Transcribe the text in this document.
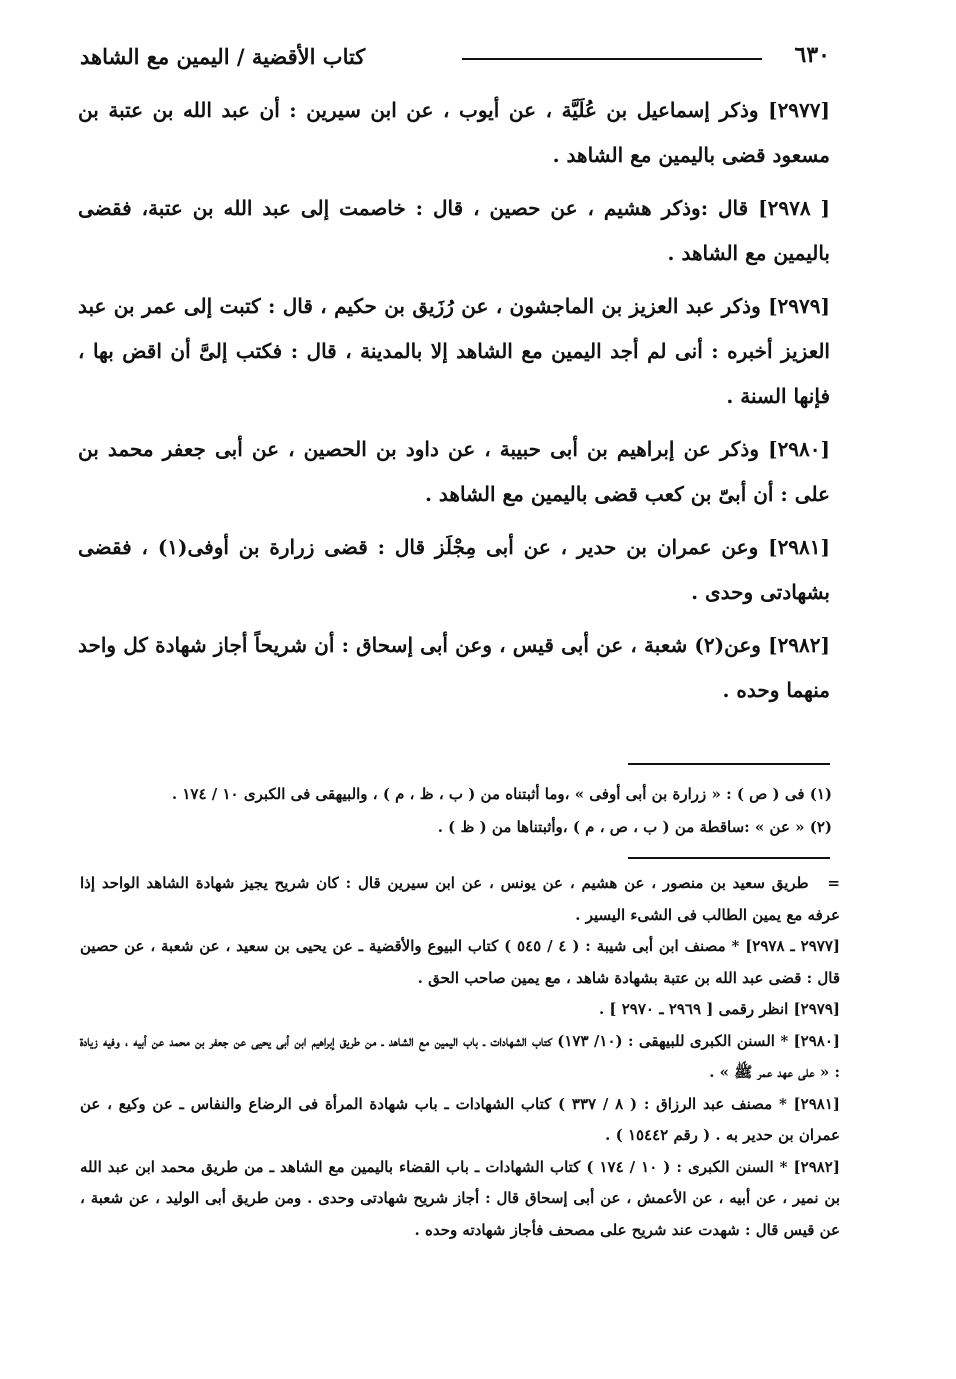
٦٣٠
كتاب الأقضية / اليمين مع الشاهد

[٢٩٧٧] وذكر إسماعيل بن عُلَيَّة ، عن أيوب ، عن ابن سيرين : أن عبد الله بن عتبة بن مسعود قضى باليمين مع الشاهد .

[ ٢٩٧٨] قال :وذكر هشيم ، عن حصين ، قال : خاصمت إلى عبد الله بن عتبة، فقضى باليمين مع الشاهد .

[٢٩٧٩] وذكر عبد العزيز بن الماجشون ، عن رُزَيق بن حكيم ، قال : كتبت إلى عمر بن عبد العزيز أخبره : أنى لم أجد اليمين مع الشاهد إلا بالمدينة ، قال : فكتب إلىَّ أن اقض بها ، فإنها السنة .

[٢٩٨٠] وذكر عن إبراهيم بن أبى حبيبة ، عن داود بن الحصين ، عن أبى جعفر محمد بن على : أن أبىّ بن كعب قضى باليمين مع الشاهد .

[٢٩٨١] وعن عمران بن حدير ، عن أبى مِجْلَز قال : قضى زرارة بن أوفى(١) ، فقضى بشهادتى وحدى .

[٢٩٨٢] وعن(٢) شعبة ، عن أبى قيس ، وعن أبى إسحاق : أن شريحاً أجاز شهادة كل واحد منهما وحده .

(١) فى ( ص ) : « زرارة بن أبى أوفى » ،وما أثبتناه من ( ب ، ظ ، م ) ، والبيهقى فى الكبرى ١٠ / ١٧٤ .
(٢) « عن » :ساقطة من ( ب ، ص ، م ) ،وأثبتناها من ( ظ ) .

= طريق سعيد بن منصور ، عن هشيم ، عن يونس ، عن ابن سيرين قال : كان شريح يجيز شهادة الشاهد الواحد إذا عرفه مع يمين الطالب فى الشىء اليسير .

[٢٩٧٧ ـ ٢٩٧٨] * مصنف ابن أبى شيبة : ( ٤ / ٥٤٥ ) كتاب البيوع والأقضية ـ عن يحيى بن سعيد ، عن شعبة ، عن حصين قال : قضى عبد الله بن عتبة بشهادة شاهد ، مع يمين صاحب الحق .

[٢٩٧٩] انظر رقمى [ ٢٩٦٩ ـ ٢٩٧٠ ] .

[٢٩٨٠] * السنن الكبرى للبيهقى : (١٠/ ١٧٣) كتاب الشهادات ـ باب اليمين مع الشاهد ـ من طريق إبراهيم ابن أبى يحيى عن جعفر بن محمد عن أبيه ، وفيه زيادة : « على عهد عمر ﷺ » .

[٢٩٨١] * مصنف عبد الرزاق : ( ٨ / ٣٣٧ ) كتاب الشهادات ـ باب شهادة المرأة فى الرضاع والنفاس ـ عن وكيع ، عن عمران بن حدير به . ( رقم ١٥٤٤٢ ) .

[٢٩٨٢] * السنن الكبرى : ( ١٠ / ١٧٤ ) كتاب الشهادات ـ باب القضاء باليمين مع الشاهد ـ من طريق محمد ابن عبد الله بن نمير ، عن أبيه ، عن الأعمش ، عن أبى إسحاق قال : أجاز شريح شهادتى وحدى . ومن طريق أبى الوليد ، عن شعبة ، عن قيس قال : شهدت عند شريح على مصحف فأجاز شهادته وحده .
